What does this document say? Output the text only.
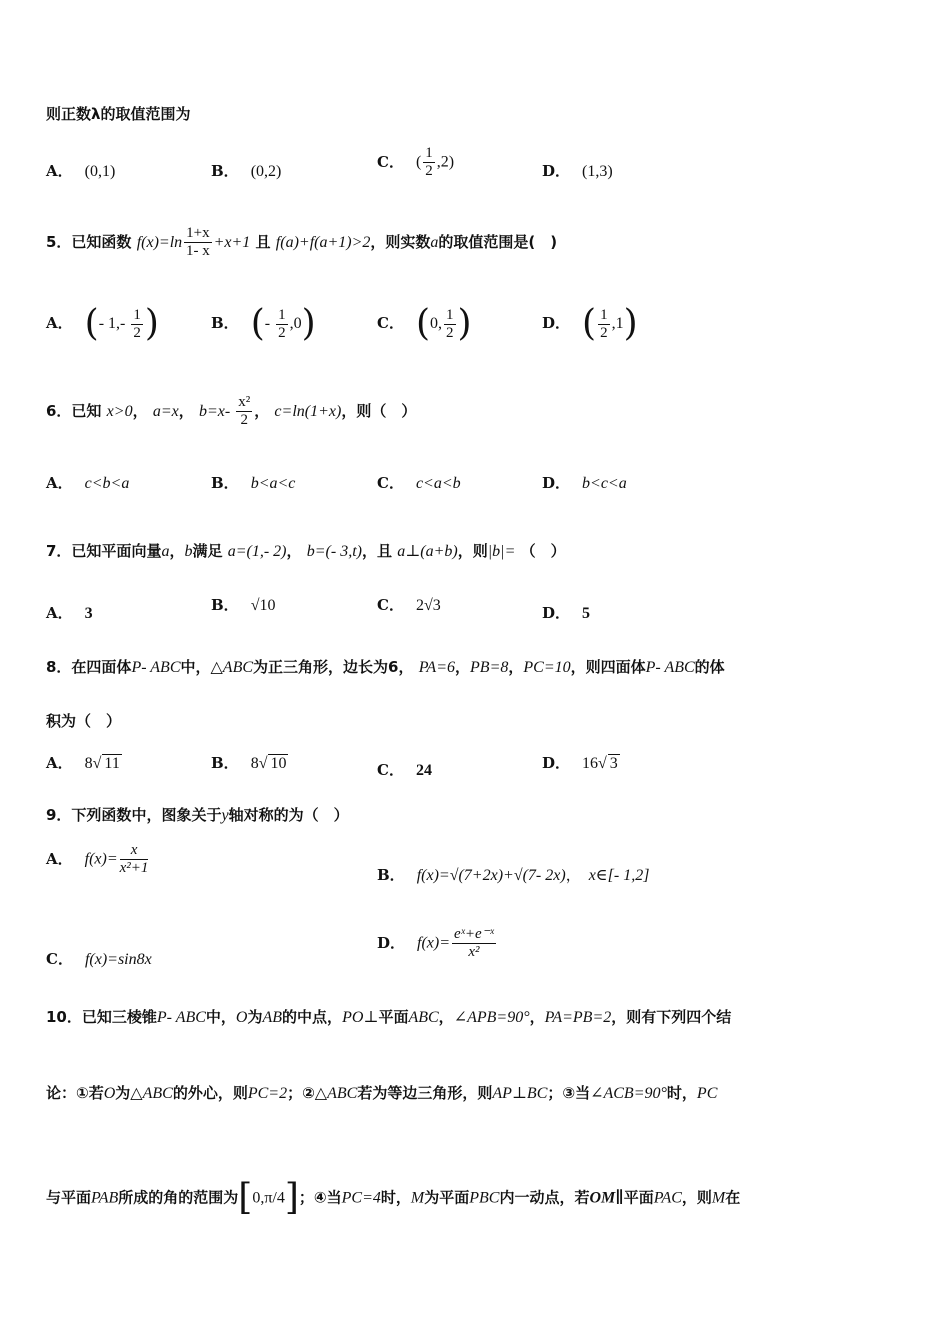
则正数λ的取值范围为
A． (0,1)	B． (0,2)
C． ( $\frac{1}{2} ,2$)	D． (1,3)
5．已知函数 $f(x)=\ln \frac{1+x}{1- x} +x+1$ 且 f(a)+f(a+1)>2，则实数a的取值范围是(　)
A． (- $1,- \frac{1}{2}$ )	B． (- $\frac{1}{2} ,0$)	C． (0, $\frac{1}{2}$ )	D． ( $\frac{1}{2} ,1$)
6．已知 x>0， a=x， $b=x- \frac{\text{x²}}{2}$ ， c=ln(1+x)，则（　）
A． c<b<a	B． b<a<c	C． c<a<b	D． b<c<a
7．已知平面向量a，b满足 a=(1,- 2)， b=(- 3,t)，且 a⊥(a+b)，则|b|= （　）
A． 3	B． √10	C． 2√3	D． 5
8．在四面体P- ABC中，△ABC为正三角形，边长为6， PA=6，PB=8，PC=10，则四面体P- ABC的体
积为（　）
A． 8√ 11	B． 8√ 10	C． 24	D． 16√ 3
9．下列函数中，图象关于y轴对称的为（　）
A． $f(x)= \frac{x}{\text{x²+1}}$	B． f(x)=√(7+2x)+√(7- 2x)， x∈[- 1,2]
C． f(x)=sin8x
D． $f(x)= \frac{\text{eˣ+e⁻ˣ}}{\text{x²}}$
10．已知三棱锥P- ABC中，O为AB的中点，PO⊥平面ABC，∠APB=90°，PA=PB=2，则有下列四个结
论：①若O为△ABC的外心，则PC=2；②△ABC若为等边三角形，则AP⊥BC；③当∠ACB=90°时，PC
与平面PAB所成的角的范围为[0,π/4]；④当PC=4时，M为平面PBC内一动点，若OM∥平面PAC，则M在
